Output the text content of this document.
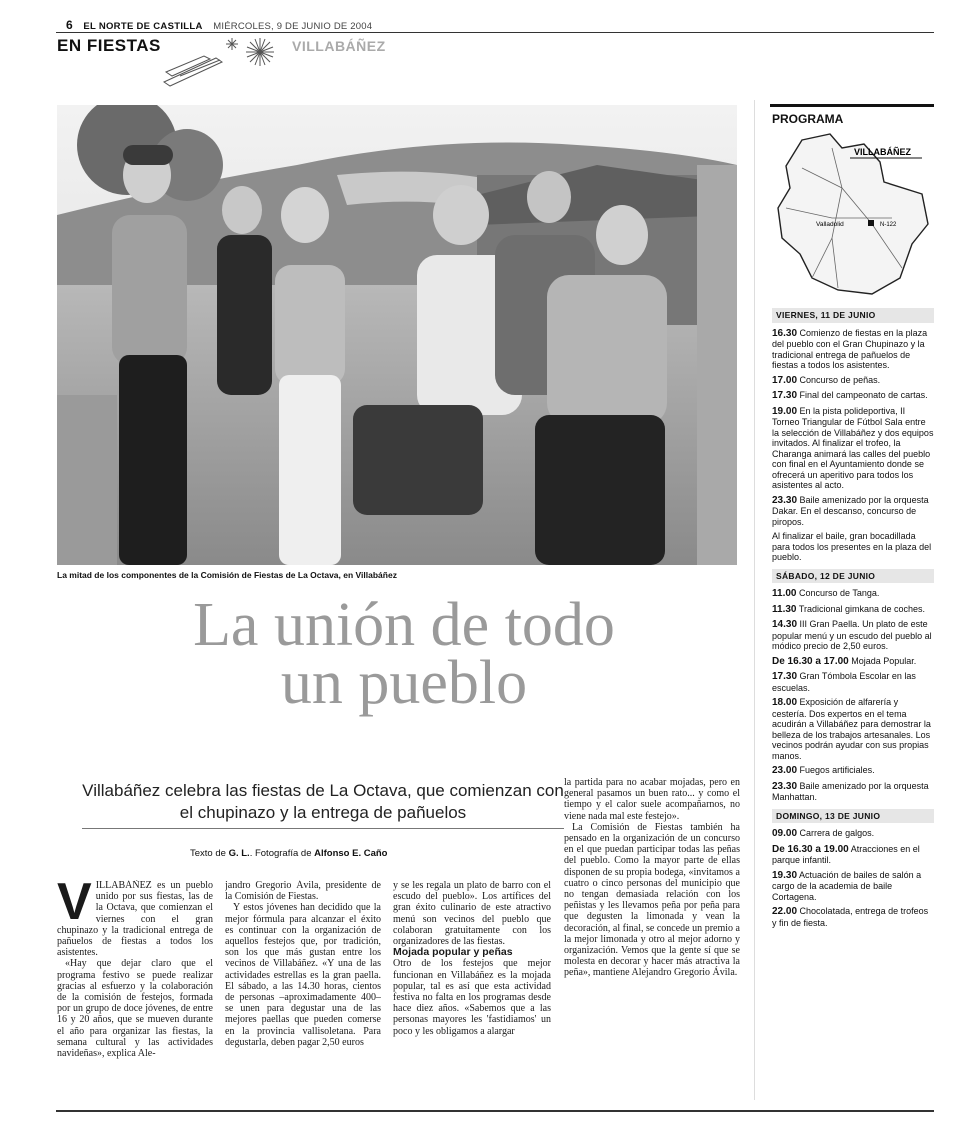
6 EL NORTE DE CASTILLA MIÉRCOLES, 9 DE JUNIO DE 2004
EN FIESTAS	VILLABÁÑEZ
La mitad de los componentes de la Comisión de Fiestas de La Octava, en Villabáñez
La unión de todo
un pueblo
Villabáñez celebra las fiestas de La Octava, que comienzan con el chupinazo y la entrega de pañuelos
Texto de G. L.. Fotografía de Alfonso E. Caño

VILLABÁÑEZ es un pueblo unido por sus fiestas, las de la Octava, que comienzan el viernes con el gran chupinazo y la tradicional entrega de pañuelos de fiestas a todos los asistentes.

«Hay que dejar claro que el programa festivo se puede realizar gracias al esfuerzo y la colaboración de la comisión de festejos, formada por un grupo de doce jóvenes, de entre 16 y 20 años, que se mueven durante el año para organizar las fiestas, la semana cultural y las actividades navideñas», explica Ale-

jandro Gregorio Ávila, presidente de la Comisión de Fiestas.

Y estos jóvenes han decidido que la mejor fórmula para alcanzar el éxito es continuar con la organización de aquellos festejos que, por tradición, son los que más gustan entre los vecinos de Villabáñez. «Y una de las actividades estrellas es la gran paella. El sábado, a las 14.30 horas, cientos de personas –aproximadamente 400– se unen para degustar una de las mejores paellas que pueden comerse en la provincia vallisoletana. Para degustarla, deben pagar 2,50 euros

y se les regala un plato de barro con el escudo del pueblo». Los artífices del gran éxito culinario de este atractivo menú son vecinos del pueblo que colaboran gratuitamente con los organizadores de las fiestas.

Mojada popular y peñas

Otro de los festejos que mejor funcionan en Villabáñez es la mojada popular, tal es así que esta actividad festiva no falta en los programas desde hace diez años. «Sabemos que a las personas mayores les 'fastidiamos' un poco y les obligamos a alargar

la partida para no acabar mojadas, pero en general pasamos un buen rato... y como el tiempo y el calor suele acompañarnos, no viene nada mal este festejo».

La Comisión de Fiestas también ha pensado en la organización de un concurso en el que puedan participar todas las peñas del pueblo. Como la mayor parte de ellas disponen de su propia bodega, «invitamos a cuatro o cinco personas del municipio que no tengan demasiada relación con los peñistas y les llevamos peña por peña para que degusten la limonada y vean la decoración, al final, se concede un premio a la mejor limonada y otro al mejor adorno y organización. Vemos que la gente sí que se molesta en decorar y hacer más atractiva la peña», mantiene Alejandro Gregorio Ávila.

PROGRAMA
VILLABÁÑEZ
Valladolid	N-122
VIERNES, 11 DE JUNIO
16.30 Comienzo de fiestas en la plaza del pueblo con el Gran Chupinazo y la tradicional entrega de pañuelos de fiestas a todos los asistentes.
17.00 Concurso de peñas.
17.30 Final del campeonato de cartas.
19.00 En la pista polideportiva, II Torneo Triangular de Fútbol Sala entre la selección de Villabáñez y dos equipos invitados. Al finalizar el trofeo, la Charanga animará las calles del pueblo con final en el Ayuntamiento donde se ofrecerá un aperitivo para todos los asistentes al acto.
23.30 Baile amenizado por la orquesta Dakar. En el descanso, concurso de piropos.
Al finalizar el baile, gran bocadillada para todos los presentes en la plaza del pueblo.
SÁBADO, 12 DE JUNIO
11.00 Concurso de Tanga.
11.30 Tradicional gimkana de coches.
14.30 III Gran Paella. Un plato de este popular menú y un escudo del pueblo al módico precio de 2,50 euros.
De 16.30 a 17.00 Mojada Popular.
17.30 Gran Tómbola Escolar en las escuelas.
18.00 Exposición de alfarería y cestería. Dos expertos en el tema acudirán a Villabáñez para demostrar la belleza de los trabajos artesanales. Los vecinos podrán ayudar con sus propias manos.
23.00 Fuegos artificiales.
23.30 Baile amenizado por la orquesta Manhattan.
DOMINGO, 13 DE JUNIO
09.00 Carrera de galgos.
De 16.30 a 19.00 Atracciones en el parque infantil.
19.30 Actuación de bailes de salón a cargo de la academia de baile Cortagena.
22.00 Chocolatada, entrega de trofeos y fin de fiesta.
